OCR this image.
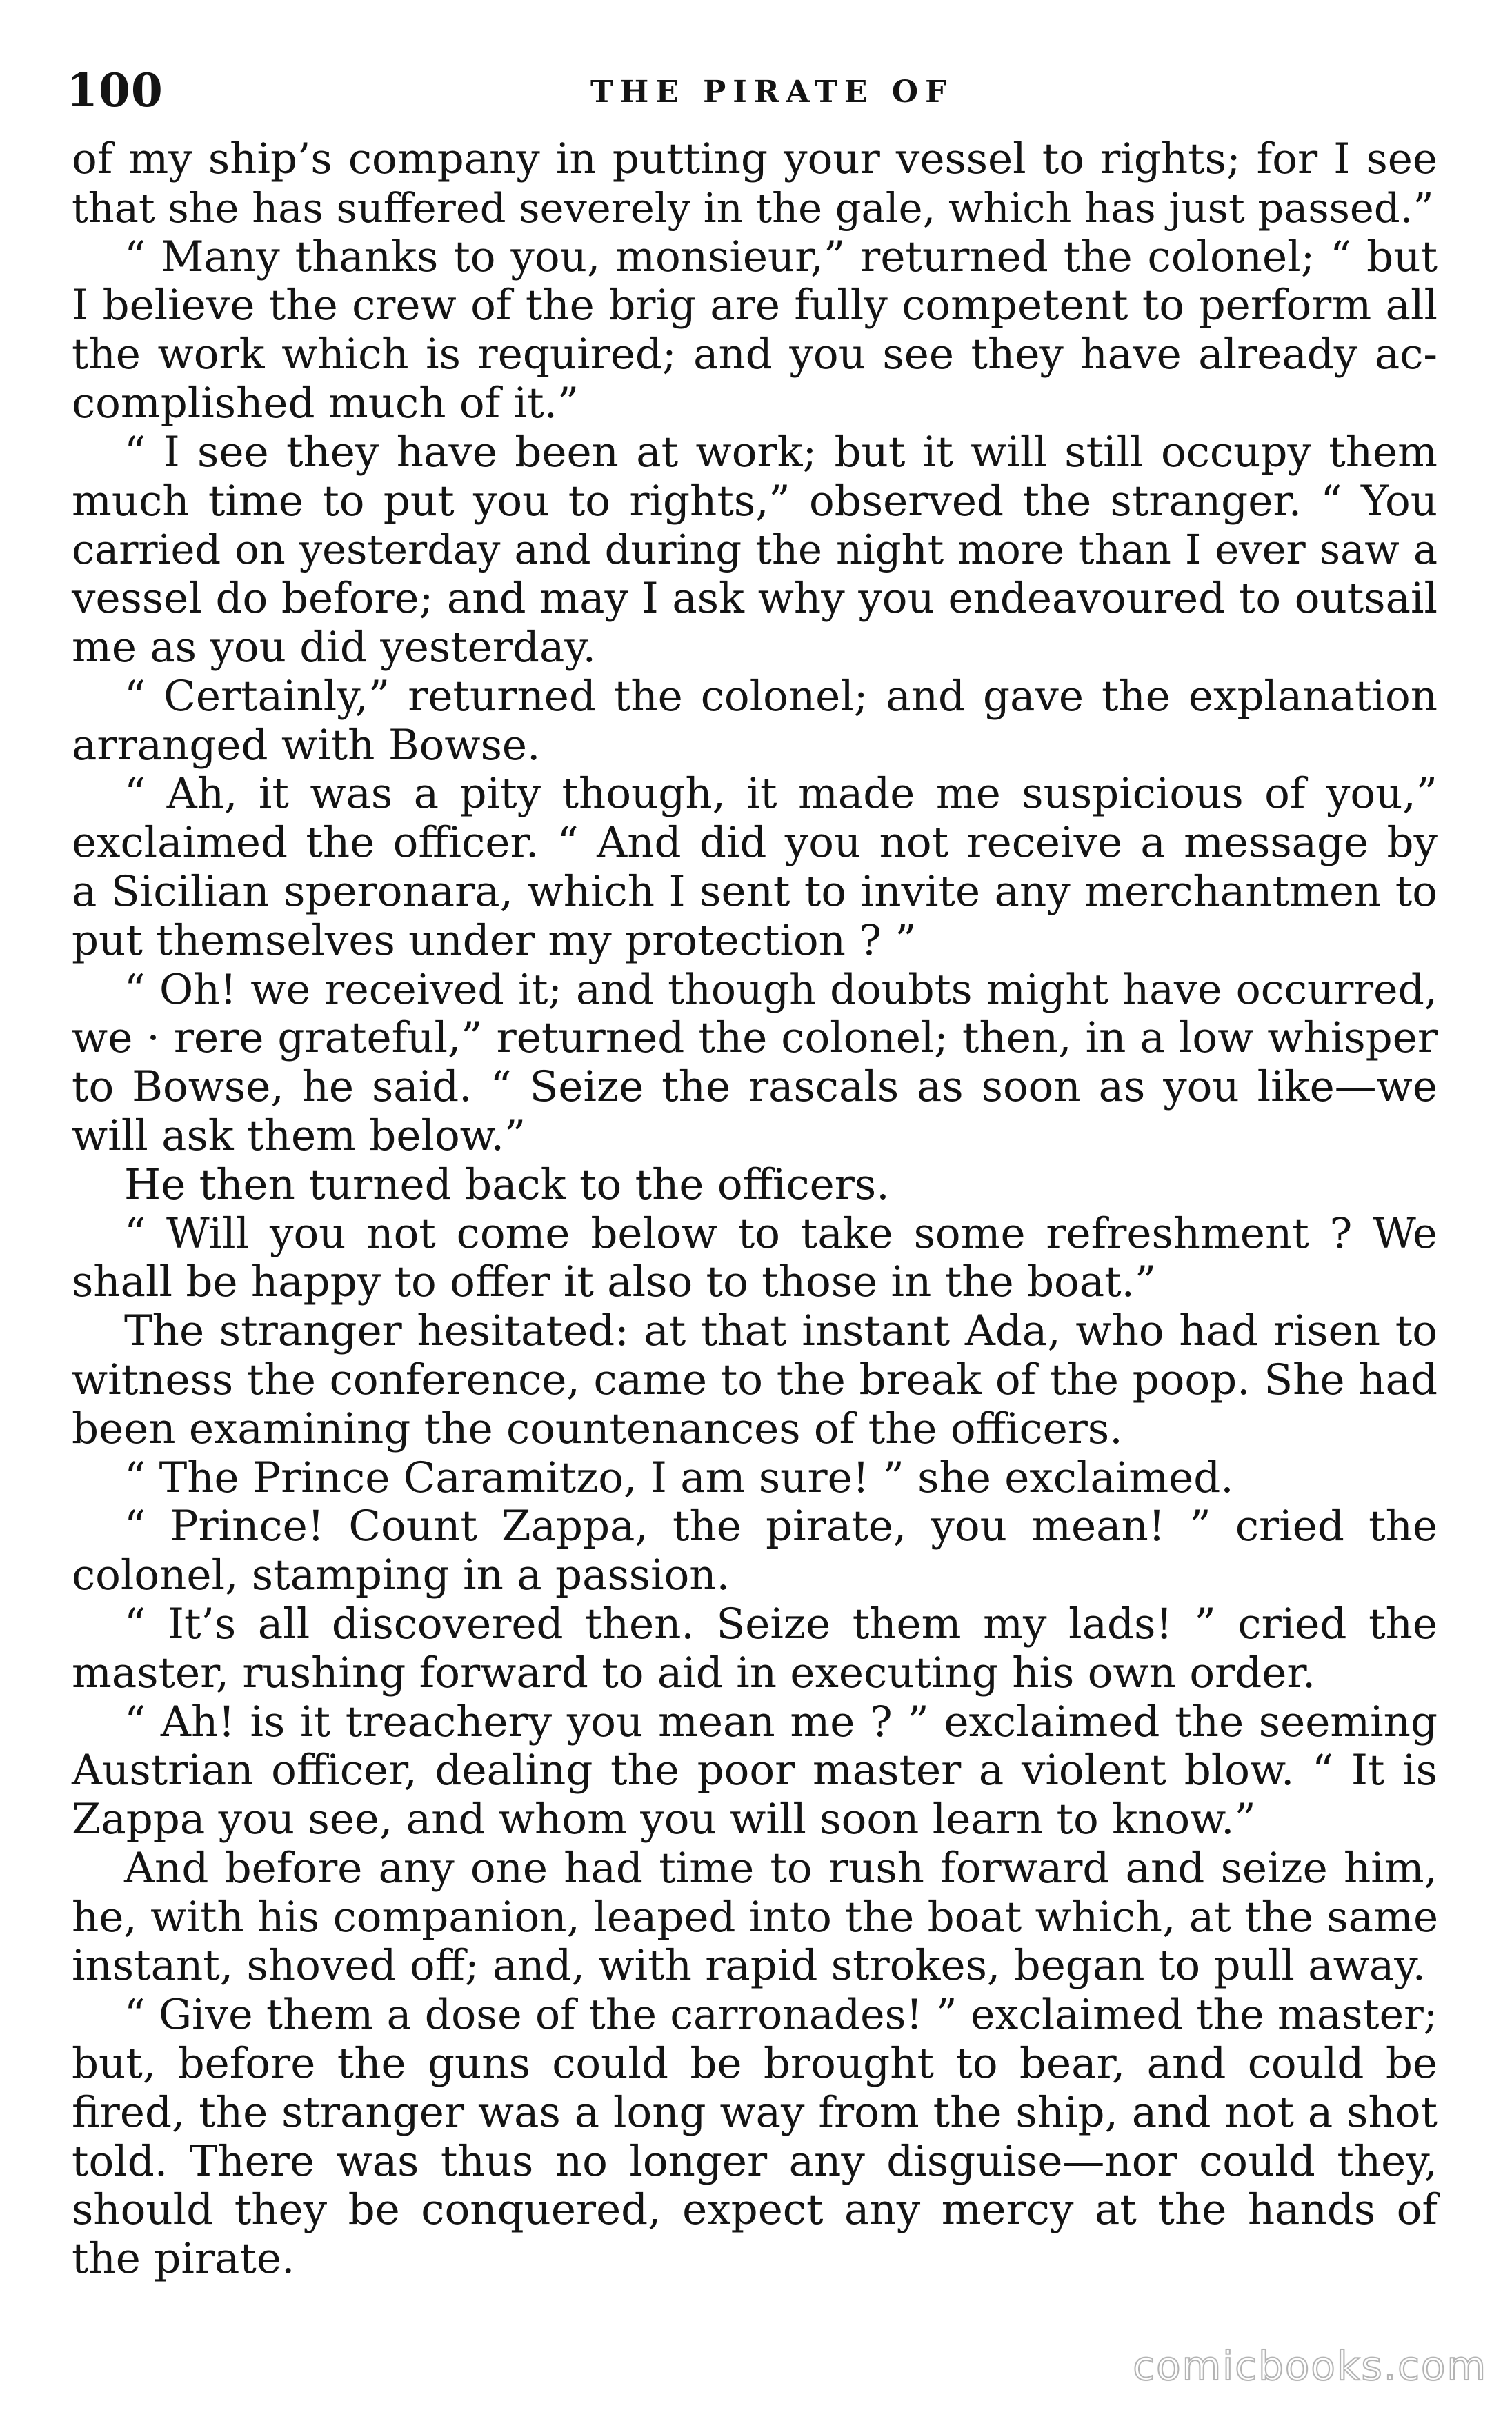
100	THE PIRATE OF
of my ship’s company in putting your vessel to rights; for I see
that she has suffered severely in the gale, which has just passed.”
“ Many thanks to you, monsieur,” returned the colonel; “ but
I believe the crew of the brig are fully competent to perform all
the work which is required; and you see they have already ac-
complished much of it.”
“ I see they have been at work; but it will still occupy them
much time to put you to rights,” observed the stranger. “ You
carried on yesterday and during the night more than I ever saw a
vessel do before; and may I ask why you endeavoured to outsail
me as you did yesterday.
“ Certainly,” returned the colonel; and gave the explanation
arranged with Bowse.
“ Ah, it was a pity though, it made me suspicious of you,”
exclaimed the officer. “ And did you not receive a message by
a Sicilian speronara, which I sent to invite any merchantmen to
put themselves under my protection ? ”
“ Oh! we received it; and though doubts might have occurred,
we · rere grateful,” returned the colonel; then, in a low whisper
to Bowse, he said. “ Seize the rascals as soon as you like—we
will ask them below.”
He then turned back to the officers.
“ Will you not come below to take some refreshment ? We
shall be happy to offer it also to those in the boat.”
The stranger hesitated: at that instant Ada, who had risen to
witness the conference, came to the break of the poop. She had
been examining the countenances of the officers.
“ The Prince Caramitzo, I am sure! ” she exclaimed.
“ Prince! Count Zappa, the pirate, you mean! ” cried the
colonel, stamping in a passion.
“ It’s all discovered then. Seize them my lads! ” cried the
master, rushing forward to aid in executing his own order.
“ Ah! is it treachery you mean me ? ” exclaimed the seeming
Austrian officer, dealing the poor master a violent blow. “ It is
Zappa you see, and whom you will soon learn to know.”
And before any one had time to rush forward and seize him,
he, with his companion, leaped into the boat which, at the same
instant, shoved off; and, with rapid strokes, began to pull away.
“ Give them a dose of the carronades! ” exclaimed the master;
but, before the guns could be brought to bear, and could be
fired, the stranger was a long way from the ship, and not a shot
told. There was thus no longer any disguise—nor could they,
should they be conquered, expect any mercy at the hands of
the pirate.
comicbooks.com
